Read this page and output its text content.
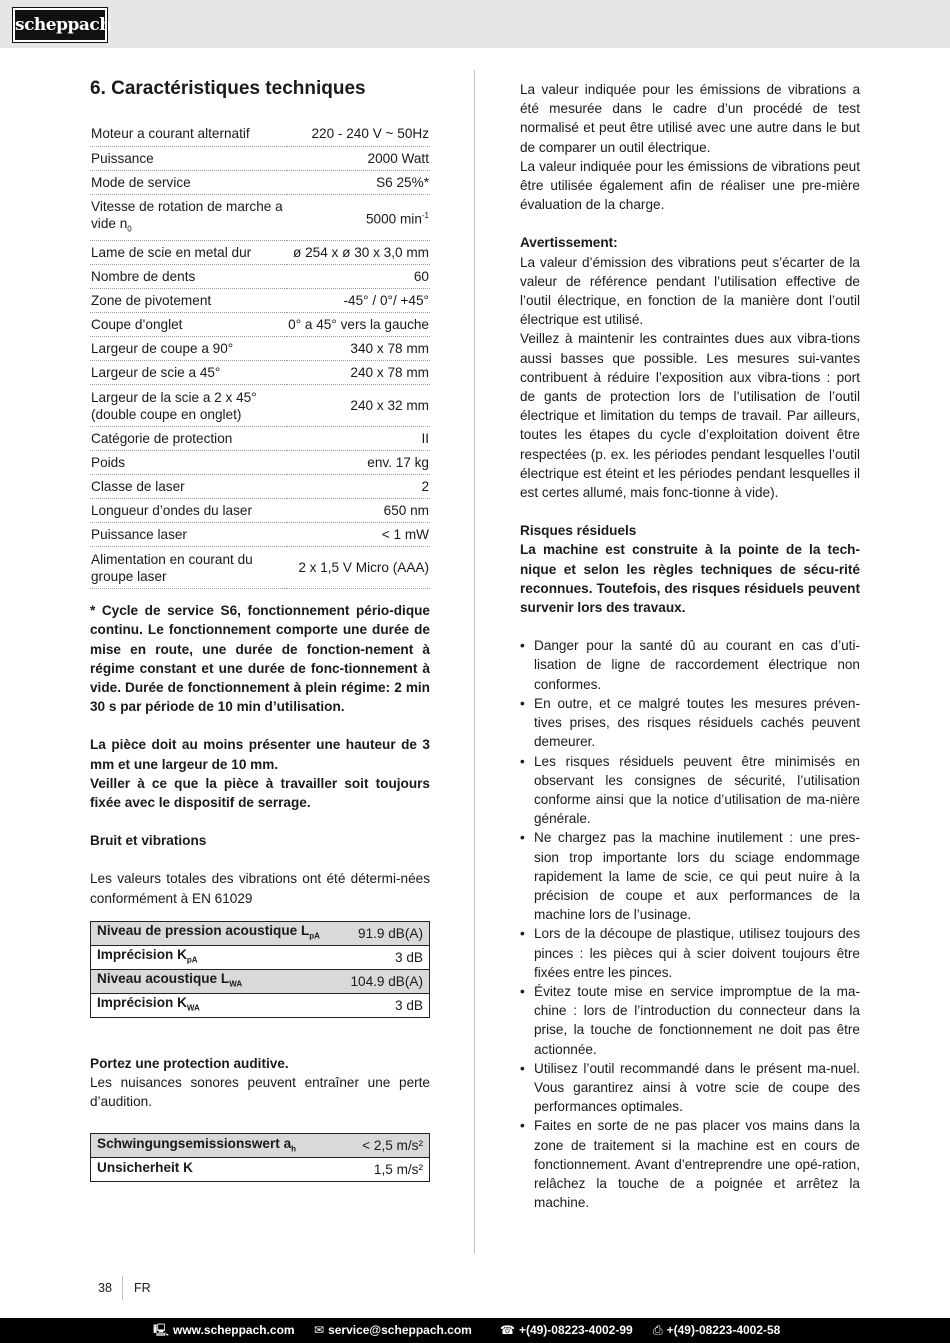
scheppach
6. Caractéristiques techniques
Moteur a courant alternatif	220 - 240 V ~ 50Hz
Puissance	2000 Watt
Mode de service	S6 25%*
Vitesse de rotation de marche a vide $n_0$	5000 $\min^{-1}$
Lame de scie en metal dur	ø 254 x ø 30 x 3,0 mm
Nombre de dents	60
Zone de pivotement	-45° / 0°/ +45°
Coupe d’onglet	0° a 45° vers la gauche
Largeur de coupe a 90°	340 x 78 mm
Largeur de scie a 45°	240 x 78 mm
Largeur de la scie a 2 x 45° (double coupe en onglet)	240 x 32 mm
Catégorie de protection	II
Poids	env. 17 kg
Classe de laser	2
Longueur d’ondes du laser	650 nm
Puissance laser	< 1 mW
Alimentation en courant du groupe laser	2 x 1,5 V Micro (AAA)

* Cycle de service S6, fonctionnement pério-dique continu. Le fonctionnement comporte une durée de mise en route, une durée de fonction-nement à régime constant et une durée de fonc-tionnement à vide. Durée de fonctionnement à plein régime: 2 min 30 s par période de 10 min d’utilisation.

La pièce doit au moins présenter une hauteur de 3 mm et une largeur de 10 mm.

Veiller à ce que la pièce à travailler soit toujours fixée avec le dispositif de serrage.

Bruit et vibrations

Les valeurs totales des vibrations ont été détermi-nées conformément à EN 61029

Niveau de pression acoustique $L_{pA}$	91.9 dB(A)
Imprécision $K_{pA}$	3 dB
Niveau acoustique $L_{WA}$	104.9 dB(A)
Imprécision $K_{WA}$	3 dB

Portez une protection auditive.

Les nuisances sonores peuvent entraîner une perte d’audition.

Schwingungsemissionswert $a_h$	< 2,5 m/s²
Unsicherheit K	1,5 m/s²

La valeur indiquée pour les émissions de vibrations a été mesurée dans le cadre d’un procédé de test normalisé et peut être utilisé avec une autre dans le but de comparer un outil électrique.

La valeur indiquée pour les émissions de vibrations peut être utilisée également afin de réaliser une pre-mière évaluation de la charge.

Avertissement:

La valeur d’émission des vibrations peut s’écarter de la valeur de référence pendant l’utilisation effective de l’outil électrique, en fonction de la manière dont l’outil électrique est utilisé.

Veillez à maintenir les contraintes dues aux vibra-tions aussi basses que possible. Les mesures sui-vantes contribuent à réduire l’exposition aux vibra-tions : port de gants de protection lors de l’utilisation de l’outil électrique et limitation du temps de travail. Par ailleurs, toutes les étapes du cycle d’exploitation doivent être respectées (p. ex. les périodes pendant lesquelles l’outil électrique est éteint et les périodes pendant lesquelles il est certes allumé, mais fonc-tionne à vide).

Risques résiduels

La machine est construite à la pointe de la tech-nique et selon les règles techniques de sécu-rité reconnues. Toutefois, des risques résiduels peuvent survenir lors des travaux.

• Danger pour la santé dû au courant en cas d’uti-lisation de ligne de raccordement électrique non conformes.
• En outre, et ce malgré toutes les mesures préven-tives prises, des risques résiduels cachés peuvent demeurer.
• Les risques résiduels peuvent être minimisés en observant les consignes de sécurité, l’utilisation conforme ainsi que la notice d’utilisation de ma-nière générale.
• Ne chargez pas la machine inutilement : une pres-sion trop importante lors du sciage endommage rapidement la lame de scie, ce qui peut nuire à la précision de coupe et aux performances de la machine lors de l’usinage.
• Lors de la découpe de plastique, utilisez toujours des pinces : les pièces qui à scier doivent toujours être fixées entre les pinces.
• Évitez toute mise en service impromptue de la ma-chine : lors de l’introduction du connecteur dans la prise, la touche de fonctionnement ne doit pas être actionnée.
• Utilisez l’outil recommandé dans le présent ma-nuel. Vous garantirez ainsi à votre scie de coupe des performances optimales.
• Faites en sorte de ne pas placer vos mains dans la zone de traitement si la machine est en cours de fonctionnement. Avant d’entreprendre une opé-ration, relâchez la touche de a poignée et arrêtez la machine.
38 FR
🖳 www.scheppach.com ✉ service@scheppach.com ☎ +(49)-08223-4002-99 ⎙ +(49)-08223-4002-58
